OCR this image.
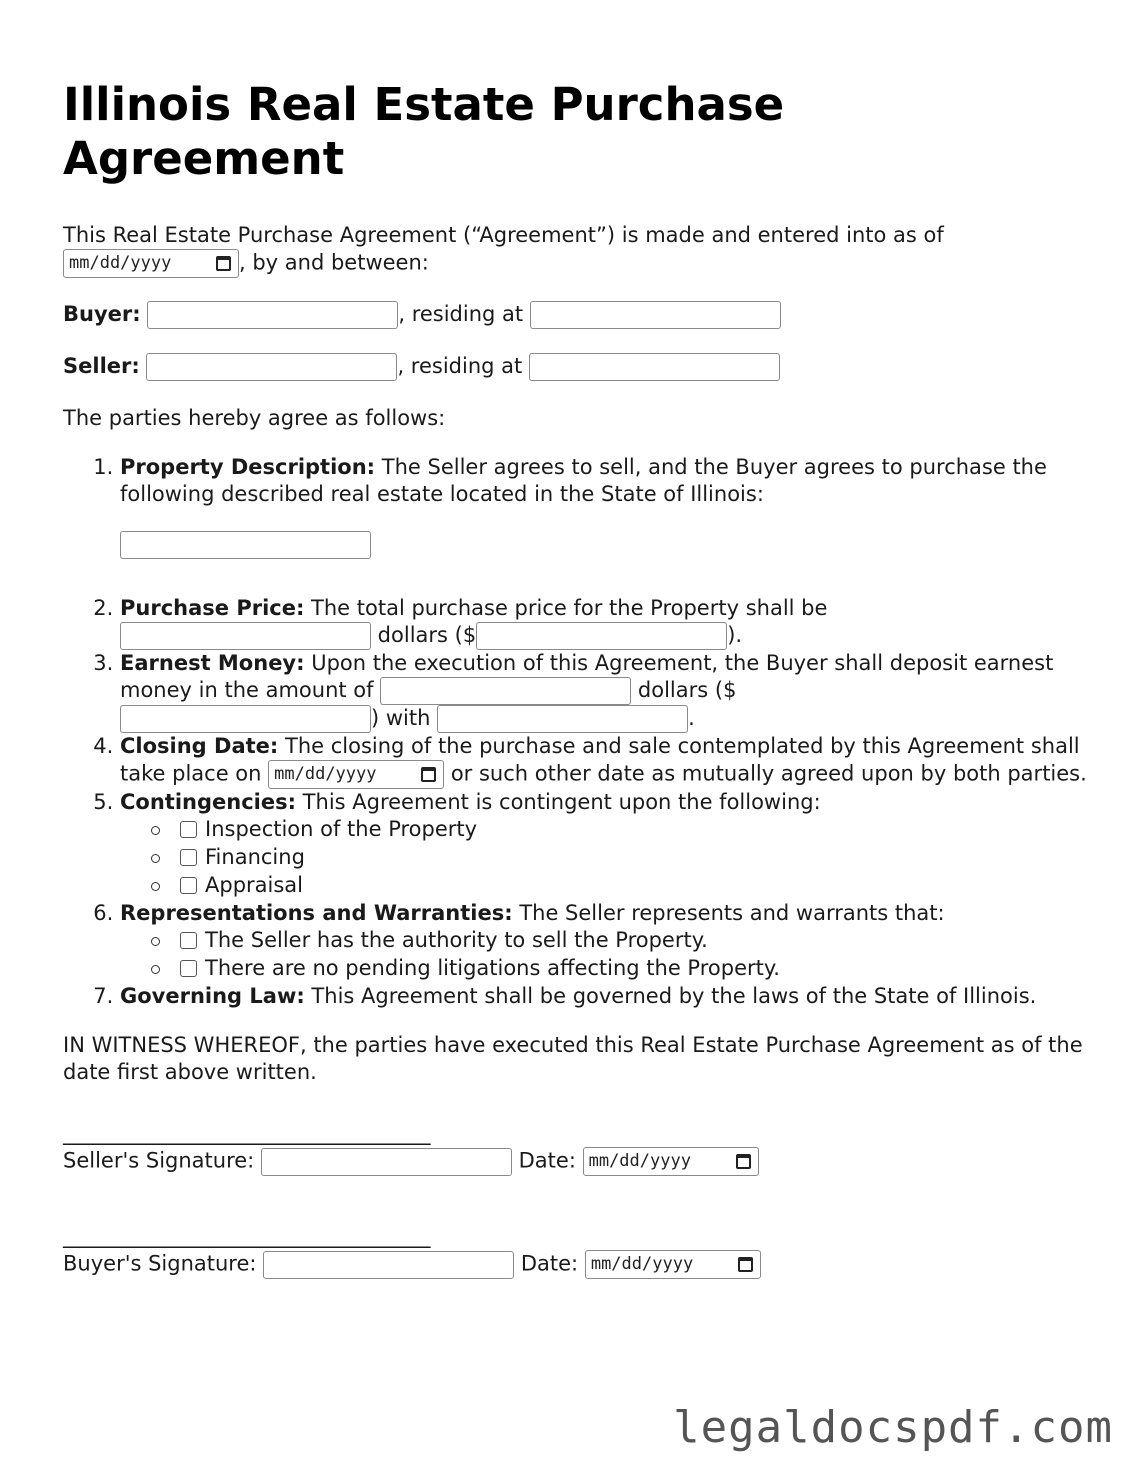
Illinois Real Estate Purchase Agreement

This Real Estate Purchase Agreement (“Agreement”) is made and entered into as of
mm/dd/yyyy	, by and between:

Buyer:	, residing at
Seller:	, residing at

The parties hereby agree as follows:

1. Property Description: The Seller agrees to sell, and the Buyer agrees to purchase the following described real estate located in the State of Illinois:
2. Purchase Price: The total purchase price for the Property shall be
dollars ($	).
3. Earnest Money: Upon the execution of this Agreement, the Buyer shall deposit earnest money in the amount of	dollars ($
) with	.
4. Closing Date: The closing of the purchase and sale contemplated by this Agreement shall take place on mm/dd/yyyy	or such other date as mutually agreed upon by both parties.
5. Contingencies: This Agreement is contingent upon the following:
Inspection of the Property
Financing
Appraisal
6. Representations and Warranties: The Seller represents and warrants that:
The Seller has the authority to sell the Property.
There are no pending litigations affecting the Property.
7. Governing Law: This Agreement shall be governed by the laws of the State of Illinois.

IN WITNESS WHEREOF, the parties have executed this Real Estate Purchase Agreement as of the date first above written.

___________________________________
Seller's Signature:	Date: mm/dd/yyyy
___________________________________
Buyer's Signature:	Date: mm/dd/yyyy
legaldocspdf.com
